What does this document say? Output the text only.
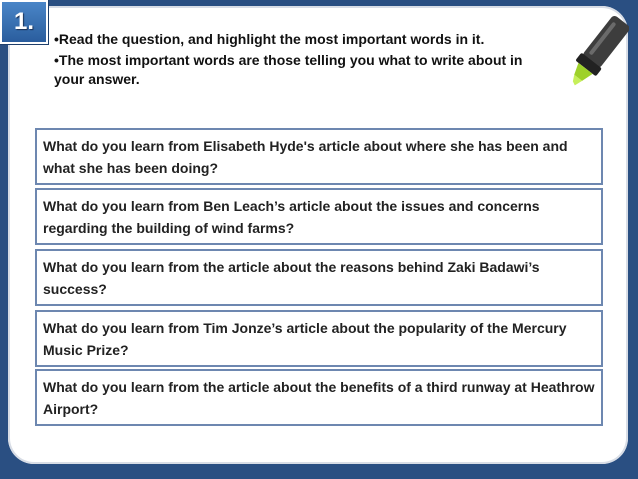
1.

•Read the question, and highlight the most important words in it.

•The most important words are those telling you what to write about in your answer.

What do you learn from Elisabeth Hyde's article about where she has been and what she has been doing?
What do you learn from Ben Leach’s article about the issues and concerns regarding the building of wind farms?
What do you learn from the article about the reasons behind Zaki Badawi’s success?
What do you learn from Tim Jonze’s article about the popularity of the Mercury Music Prize?
What do you learn from the article about the benefits of a third runway at Heathrow Airport?
